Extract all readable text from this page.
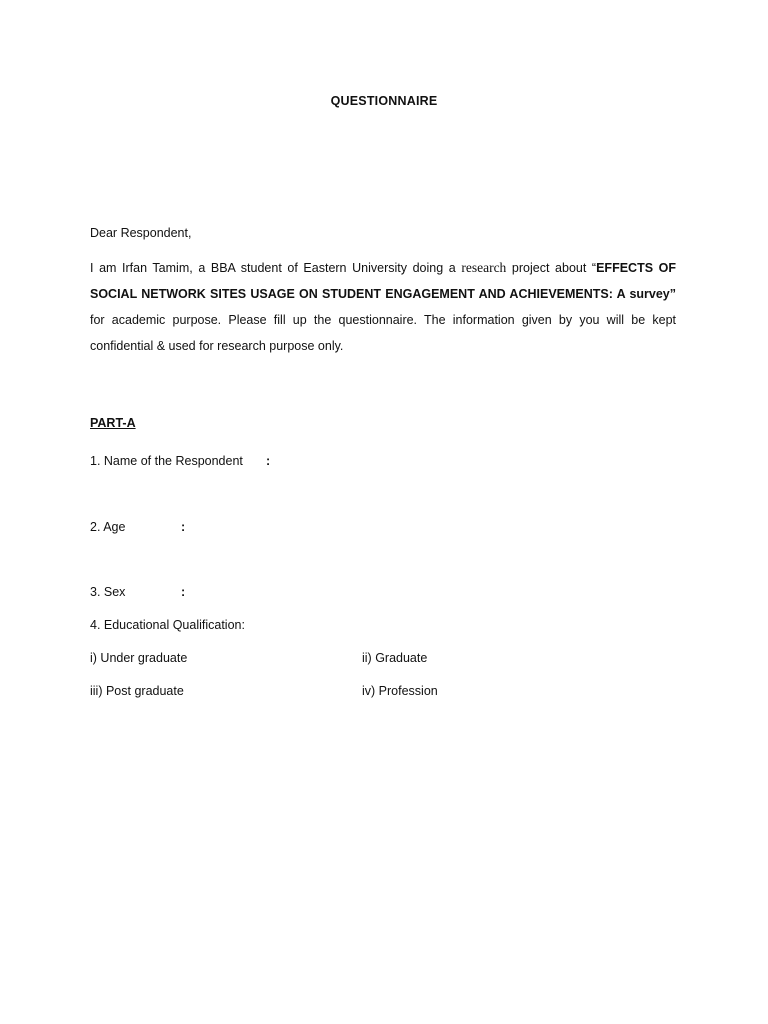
QUESTIONNAIRE
Dear Respondent,
I am Irfan Tamim, a BBA student of Eastern University doing a research project about “EFFECTS OF SOCIAL NETWORK SITES USAGE ON STUDENT ENGAGEMENT AND ACHIEVEMENTS: A survey” for academic purpose. Please fill up the questionnaire. The information given by you will be kept confidential & used for research purpose only.
PART-A
1. Name of the Respondent :
2. Age	:
3. Sex	:
4. Educational Qualification:
i) Under graduate	ii) Graduate
iii) Post graduate	iv) Profession
